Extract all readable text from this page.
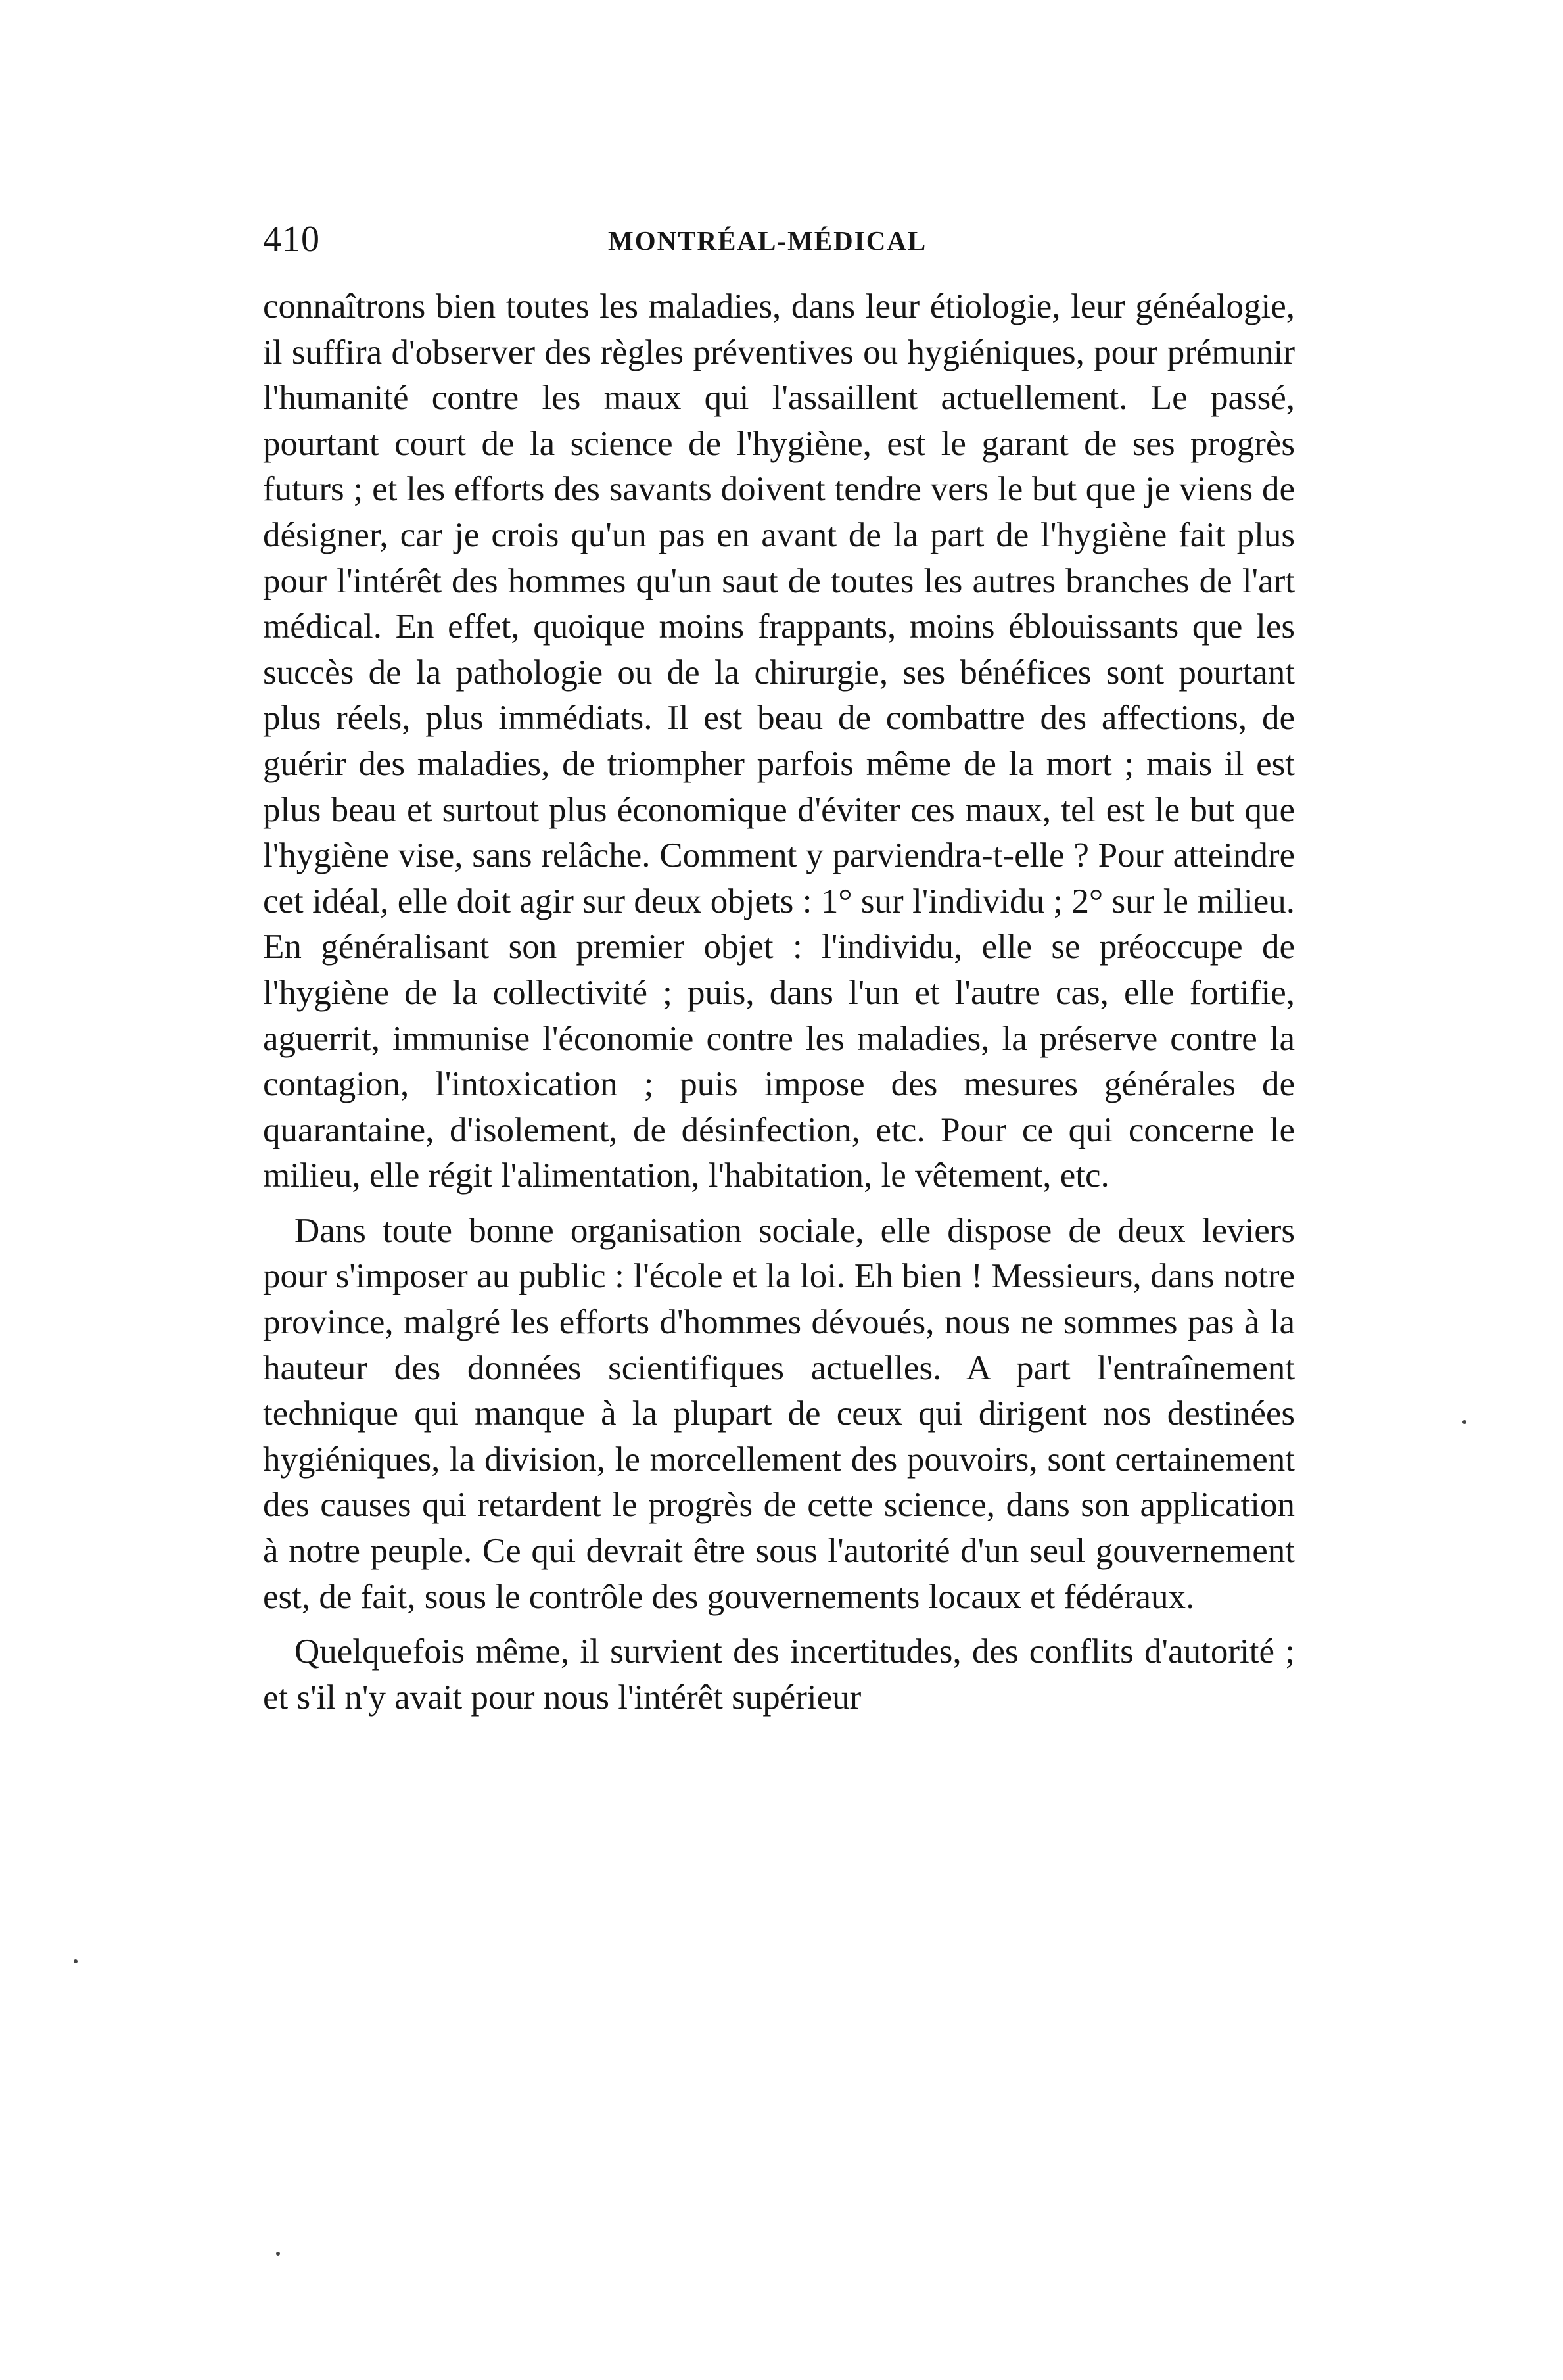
410	MONTRÉAL-MÉDICAL

connaîtrons bien toutes les maladies, dans leur étiologie, leur généalogie, il suffira d'observer des règles préventives ou hygiéniques, pour prémunir l'humanité contre les maux qui l'assaillent actuellement. Le passé, pourtant court de la science de l'hygiène, est le garant de ses progrès futurs ; et les efforts des savants doivent tendre vers le but que je viens de désigner, car je crois qu'un pas en avant de la part de l'hygiène fait plus pour l'intérêt des hommes qu'un saut de toutes les autres branches de l'art médical. En effet, quoique moins frappants, moins éblouissants que les succès de la pathologie ou de la chirurgie, ses bénéfices sont pourtant plus réels, plus immédiats. Il est beau de combattre des affections, de guérir des maladies, de triompher parfois même de la mort ; mais il est plus beau et surtout plus économique d'éviter ces maux, tel est le but que l'hygiène vise, sans relâche. Comment y parviendra-t-elle ? Pour atteindre cet idéal, elle doit agir sur deux objets : 1° sur l'individu ; 2° sur le milieu. En généralisant son premier objet : l'individu, elle se préoccupe de l'hygiène de la collectivité ; puis, dans l'un et l'autre cas, elle fortifie, aguerrit, immunise l'économie contre les maladies, la préserve contre la contagion, l'intoxication ; puis impose des mesures générales de quarantaine, d'isolement, de désinfection, etc. Pour ce qui concerne le milieu, elle régit l'alimentation, l'habitation, le vêtement, etc.

Dans toute bonne organisation sociale, elle dispose de deux leviers pour s'imposer au public : l'école et la loi. Eh bien ! Messieurs, dans notre province, malgré les efforts d'hommes dévoués, nous ne sommes pas à la hauteur des données scientifiques actuelles. A part l'entraînement technique qui manque à la plupart de ceux qui dirigent nos destinées hygiéniques, la division, le morcellement des pouvoirs, sont certainement des causes qui retardent le progrès de cette science, dans son application à notre peuple. Ce qui devrait être sous l'autorité d'un seul gouvernement est, de fait, sous le contrôle des gouvernements locaux et fédéraux.

Quelquefois même, il survient des incertitudes, des conflits d'autorité ; et s'il n'y avait pour nous l'intérêt supérieur
